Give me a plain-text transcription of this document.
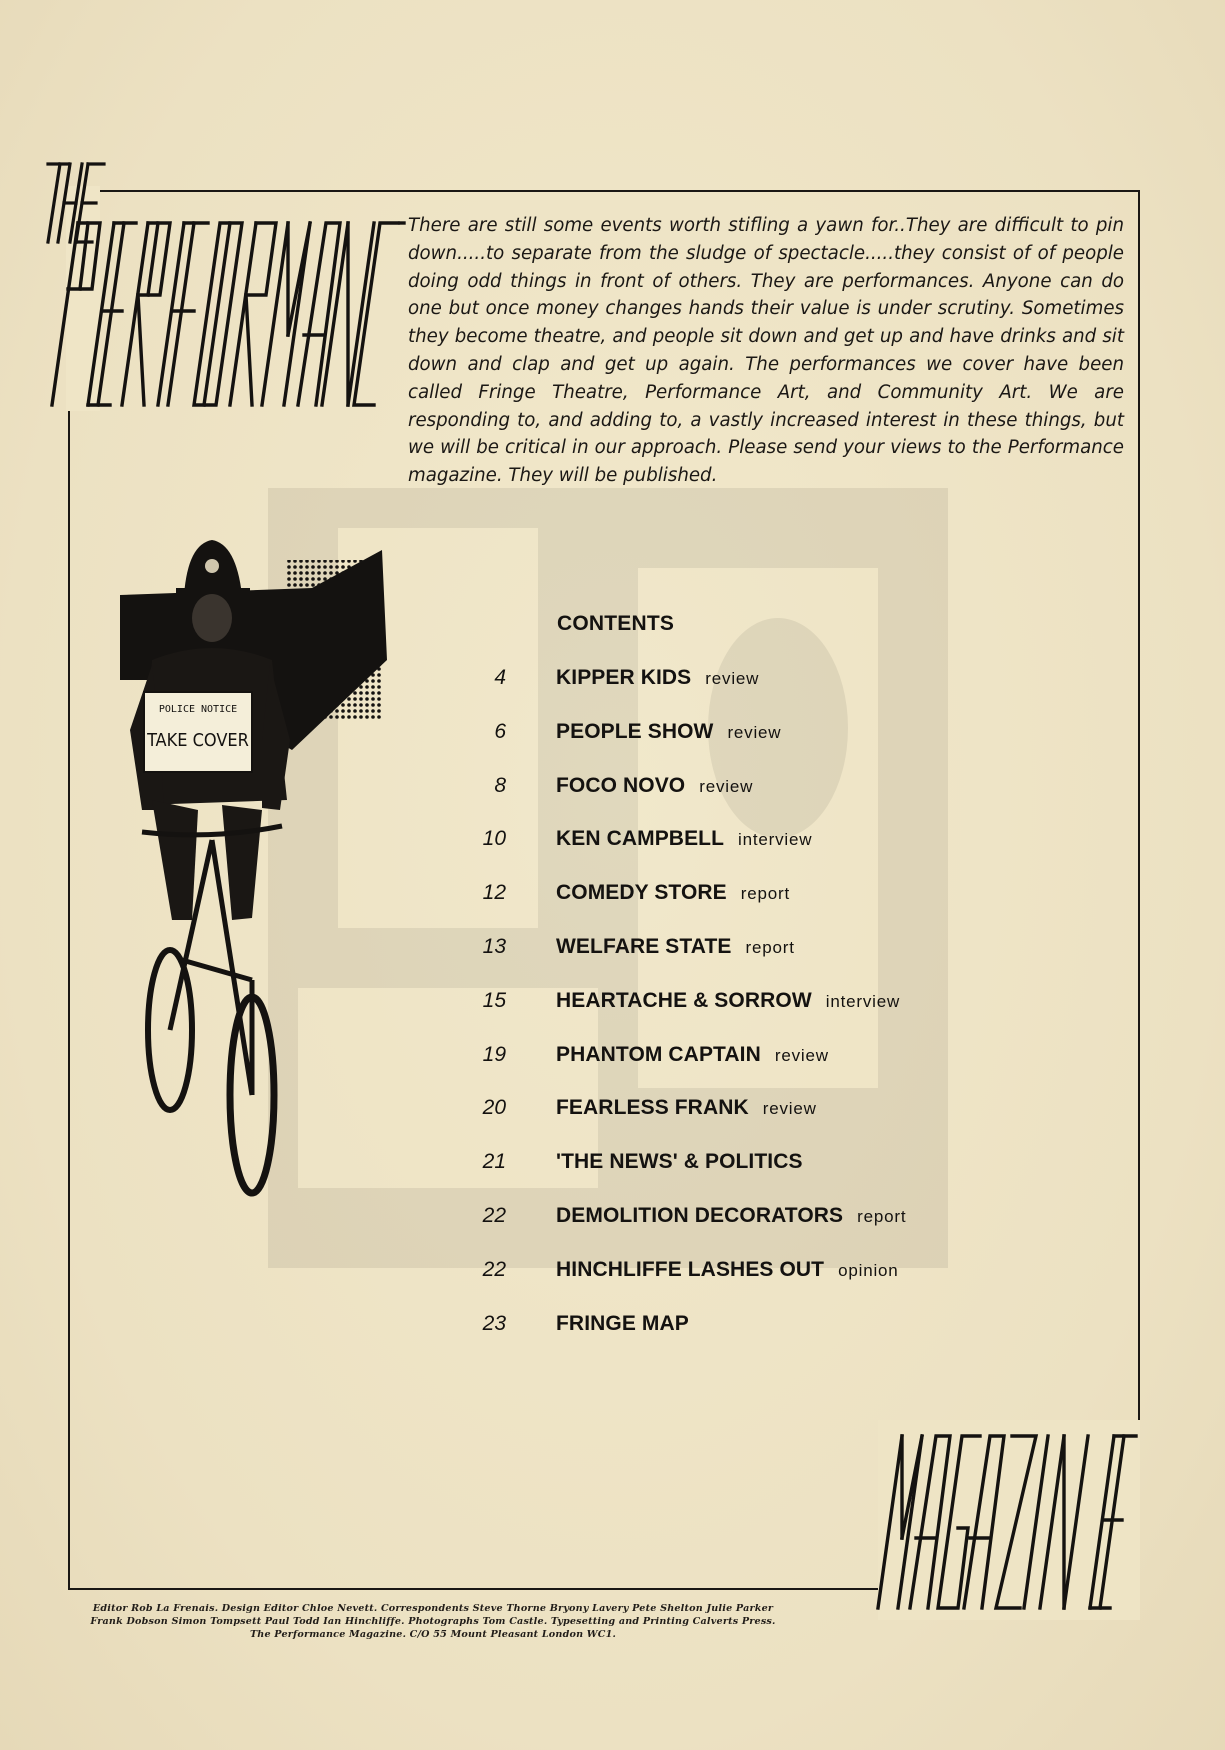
THE
PERFORMANCE	There are still some events worth stifling a yawn for..They are difficult to pin down.....to separate from the sludge of spectacle.....they consist of of people doing odd things in front of others. They are performances. Anyone can do one but once money changes hands their value is under scrutiny. Sometimes they become theatre, and people sit down and get up and have drinks and sit down and clap and get up again. The performances we cover have been called Fringe Theatre, Performance Art, and Community Art. We are responding to, and adding to, a vastly increased interest in these things, but we will be critical in our approach. Please send your views to the Performance magazine. They will be published.

POLICE NOTICE
TAKE COVER
CONTENTS
4 KIPPER KIDS review
6 PEOPLE SHOW review
8 FOCO NOVO review
10 KEN CAMPBELL interview
12 COMEDY STORE report
13 WELFARE STATE report
15 HEARTACHE & SORROW interview
19 PHANTOM CAPTAIN review
20 FEARLESS FRANK review
21 'THE NEWS' & POLITICS
22 DEMOLITION DECORATORS report
22 HINCHLIFFE LASHES OUT opinion
23 FRINGE MAP
MAGAZINE

Editor Rob La Frenais. Design Editor Chloe Nevett. Correspondents Steve Thorne Bryony Lavery Pete Shelton Julie Parker
Frank Dobson Simon Tompsett Paul Todd Ian Hinchliffe. Photographs Tom Castle. Typesetting and Printing Calverts Press.
The Performance Magazine. C/O 55 Mount Pleasant London WC1.
